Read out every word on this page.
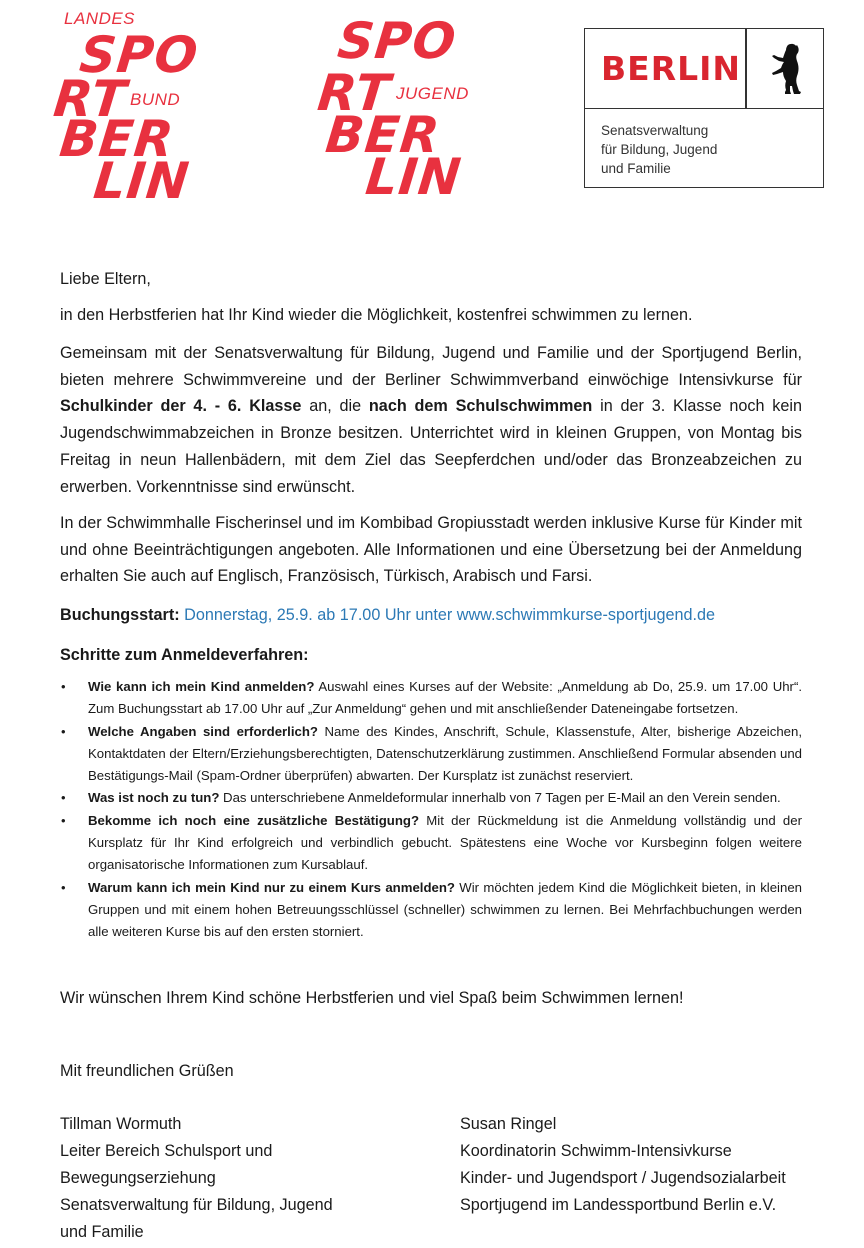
LANDES
SPO
RT BUND
BER
LIN
SPO
RT JUGEND
BER
LIN
BERLIN
Senatsverwaltung
für Bildung, Jugend
und Familie
Liebe Eltern,
in den Herbstferien hat Ihr Kind wieder die Möglichkeit, kostenfrei schwimmen zu lernen.
Gemeinsam mit der Senatsverwaltung für Bildung, Jugend und Familie und der Sportjugend Berlin, bieten mehrere Schwimmvereine und der Berliner Schwimmverband einwöchige Intensivkurse für Schulkinder der 4. - 6. Klasse an, die nach dem Schulschwimmen in der 3. Klasse noch kein Jugendschwimmabzeichen in Bronze besitzen. Unterrichtet wird in kleinen Gruppen, von Montag bis Freitag in neun Hallenbädern, mit dem Ziel das Seepferdchen und/oder das Bronzeabzeichen zu erwerben. Vorkenntnisse sind erwünscht.
In der Schwimmhalle Fischerinsel und im Kombibad Gropiusstadt werden inklusive Kurse für Kinder mit und ohne Beeinträchtigungen angeboten. Alle Informationen und eine Übersetzung bei der Anmeldung erhalten Sie auch auf Englisch, Französisch, Türkisch, Arabisch und Farsi.
Buchungsstart: Donnerstag, 25.9. ab 17.00 Uhr unter www.schwimmkurse-sportjugend.de
Schritte zum Anmeldeverfahren:
• Wie kann ich mein Kind anmelden? Auswahl eines Kurses auf der Website: „Anmeldung ab Do, 25.9. um 17.00 Uhr“. Zum Buchungsstart ab 17.00 Uhr auf „Zur Anmeldung“ gehen und mit anschließender Dateneingabe fortsetzen.
• Welche Angaben sind erforderlich? Name des Kindes, Anschrift, Schule, Klassenstufe, Alter, bisherige Abzeichen, Kontaktdaten der Eltern/Erziehungsberechtigten, Datenschutzerklärung zustimmen. Anschließend Formular absenden und Bestätigungs-Mail (Spam-Ordner überprüfen) abwarten. Der Kursplatz ist zunächst reserviert.
• Was ist noch zu tun? Das unterschriebene Anmeldeformular innerhalb von 7 Tagen per E-Mail an den Verein senden.
• Bekomme ich noch eine zusätzliche Bestätigung? Mit der Rückmeldung ist die Anmeldung vollständig und der Kursplatz für Ihr Kind erfolgreich und verbindlich gebucht. Spätestens eine Woche vor Kursbeginn folgen weitere organisatorische Informationen zum Kursablauf.
• Warum kann ich mein Kind nur zu einem Kurs anmelden? Wir möchten jedem Kind die Möglichkeit bieten, in kleinen Gruppen und mit einem hohen Betreuungsschlüssel (schneller) schwimmen zu lernen. Bei Mehrfachbuchungen werden alle weiteren Kurse bis auf den ersten storniert.
Wir wünschen Ihrem Kind schöne Herbstferien und viel Spaß beim Schwimmen lernen!
Mit freundlichen Grüßen
Tillman Wormuth
Leiter Bereich Schulsport und
Bewegungserziehung
Senatsverwaltung für Bildung, Jugend
und Familie
Susan Ringel
Koordinatorin Schwimm-Intensivkurse
Kinder- und Jugendsport / Jugendsozialarbeit
Sportjugend im Landessportbund Berlin e.V.
